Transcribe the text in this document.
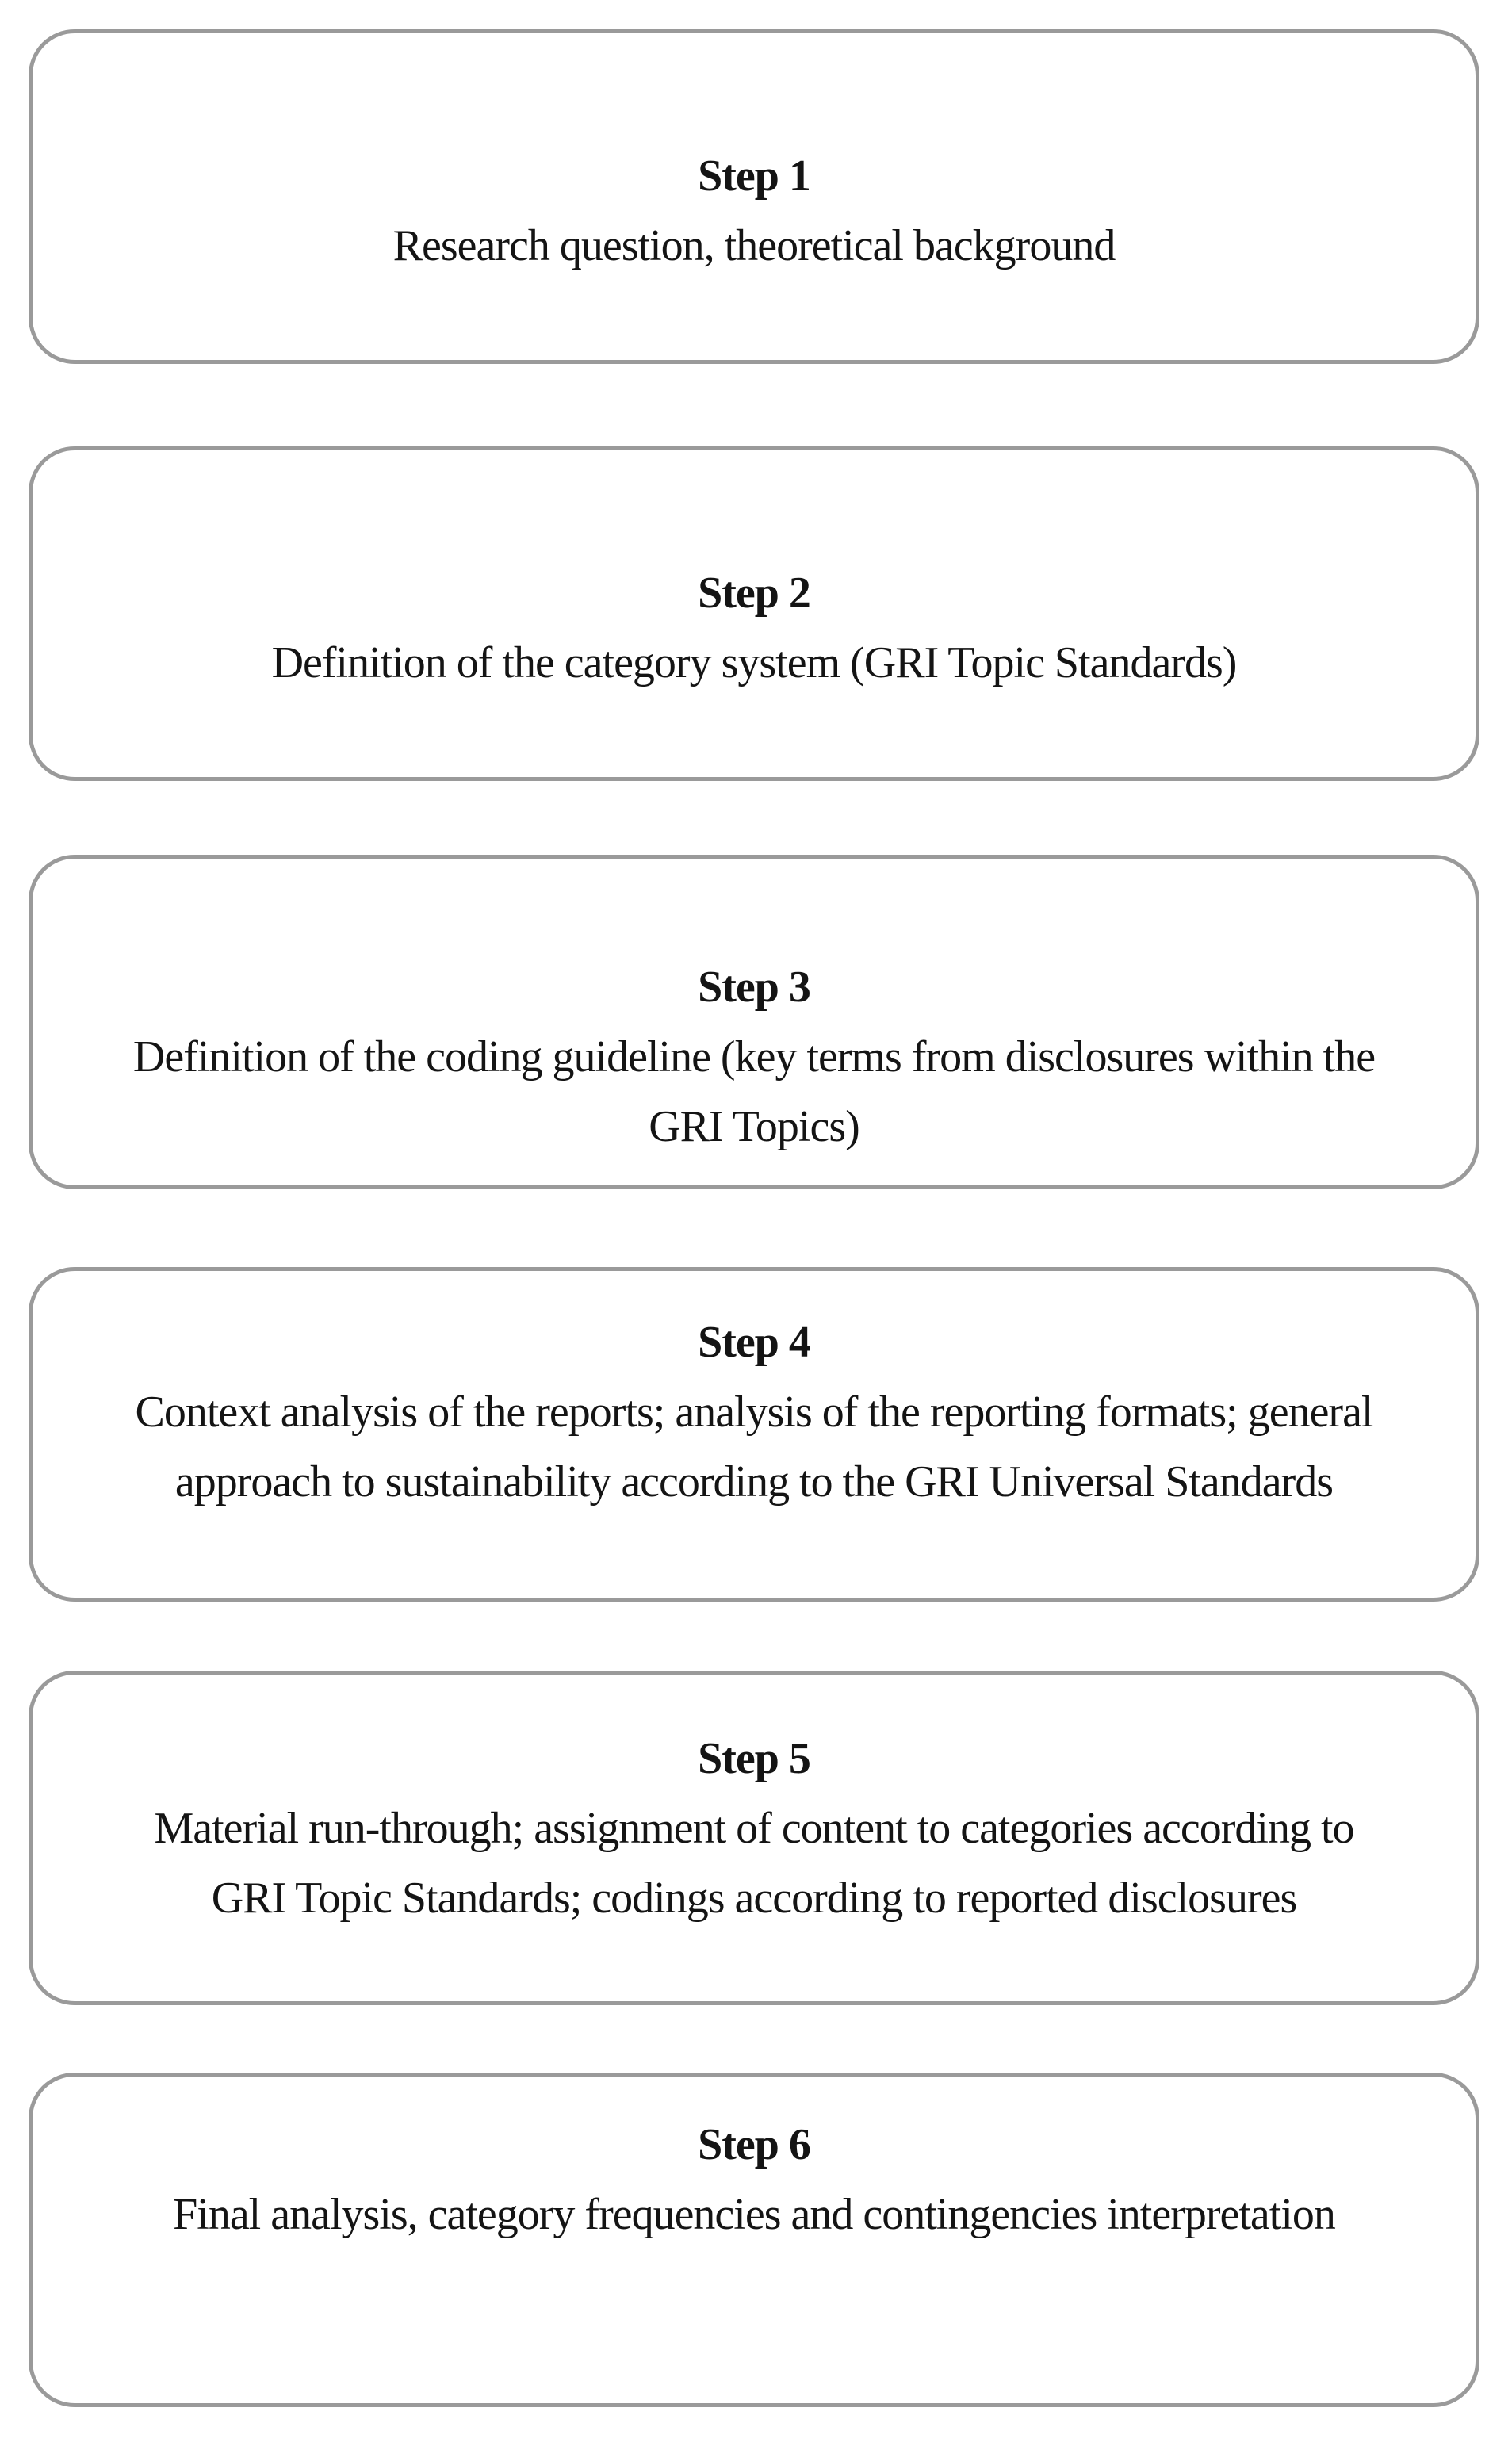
Step 1
Research question, theoretical background
Step 2
Definition of the category system (GRI Topic Standards)
Step 3
Definition of the coding guideline (key terms from disclosures within the
GRI Topics)
Step 4
Context analysis of the reports; analysis of the reporting formats; general
approach to sustainability according to the GRI Universal Standards
Step 5
Material run-through; assignment of content to categories according to
GRI Topic Standards; codings according to reported disclosures
Step 6
Final analysis, category frequencies and contingencies interpretation
